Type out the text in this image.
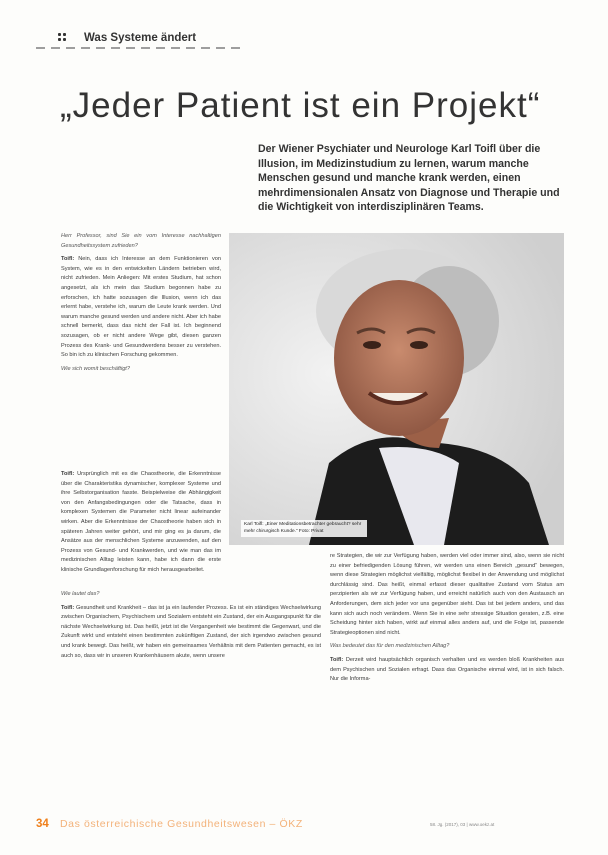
Was Systeme ändert
„Jeder Patient ist ein Projekt“
Der Wiener Psychiater und Neurologe Karl Toifl über die Illusion, im Medizinstudium zu lernen, warum manche Menschen gesund und manche krank werden, einen mehrdimensionalen Ansatz von Diagnose und Therapie und die Wichtigkeit von interdisziplinären Teams.
Karl Toifl: „Einer Meditationsbetrachter gebraucht? sehr mehr chirurgisch Kunde.“ Foto: Privat

Herr Professor, sind Sie ein vom Interesse nachhaltigen Gesundheitssystem zufrieden?

Toifl: Nein, dass ich Interesse an dem Funktionieren von System, wie es in den entwickelten Ländern betrieben wird, nicht zufrieden. Mein Anliegen: Mit erstes Studium, hat schon angesetzt, als ich mein das Studium begonnen habe zu erforschen, ich hatte sozusagen die Illusion, wenn ich das erlernt habe, verstehe ich, warum die Leute krank werden. Und warum manche gesund werden und andere nicht. Aber ich habe schnell bemerkt, dass das nicht der Fall ist. Ich beginnend sozusagen, ob er nicht andere Wege gibt, diesen ganzen Prozess des Krank- und Gesundwerdens besser zu verstehen. So bin ich zu klinischen Forschung gekommen.

Wie sich womit beschäftigt?

Toifl: Ursprünglich mit es die Chaostheorie, die Erkenntnisse über die Charakteristika dynamischer, komplexer Systeme und ihre Selbstorganisation fasste. Beispielweise die Abhängigkeit von den Anfangsbedingungen oder die Tatsache, dass in komplexen Systemen die Parameter nicht linear aufeinander wirken. Aber die Erkenntnisse der Chaostheorie haben sich in späteren Jahren weiter gehört, und mir ging es ja darum, die Ansätze aus der menschlichen Systeme anzuwenden, auf den Prozess von Gesund- und Krankwerden, und wie man das im medizinischen Alltag leisten kann, habe ich dann die erste klinische Grundlagenforschung für mich herausgearbeitet.

Wie lautet das?

Toifl: Gesundheit und Krankheit – das ist ja ein laufender Prozess. Es ist ein ständiges Wechselwirkung zwischen Organischem, Psychischem und Sozialem entsteht ein Zustand, der ein Ausgangspunkt für die nächste Wechselwirkung ist. Das heißt, jetzt ist die Vergangenheit wie bestimmt die Gegenwart, und die Zukunft wirkt und entsteht einen bestimmten zukünftigen Zustand, der sich irgendwo zwischen gesund und krank bewegt. Das heißt, wir haben ein gemeinsames Verhältnis mit dem Patienten gemacht, es ist auch so, dass wir in unseren Krankenhäusern akute, wenn unsere

re Strategien, die wir zur Verfügung haben, werden viel oder immer sind, also, wenn sie nicht zu einer befriedigenden Lösung führen, wir werden uns einen Bereich „gesund“ bewegen, wenn diese Strategien möglichst vielfältig, möglichst flexibel in der Anwendung und möglichst durchlässig sind. Das heißt, einmal erfasst dieser qualitative Zustand vom Status am perzipierten als wir zur Verfügung haben, und erreicht natürlich auch von den Austausch an Anforderungen, dem sich jeder vor uns gegenüber sieht. Das ist bei jedem anders, und das kann sich auch noch verändern. Wenn Sie in eine sehr stressige Situation geraten, z.B. eine Scheidung hinter sich haben, wirkt auf einmal alles anders auf, und die Folge ist, passende Strategieoptionen sind nicht.

Was bedeutet das für den medizinischen Alltag?

Toifl: Derzeit wird hauptsächlich organisch verhalten und es werden bloß Krankheiten aus dem Psychischen und Sozialen erfragt. Dass das Organische einmal wird, ist in sich falsch. Nur die Informa-

34 Das österreichische Gesundheitswesen – ÖKZ	58. Jg. (2017), 03 | www.oekz.at
